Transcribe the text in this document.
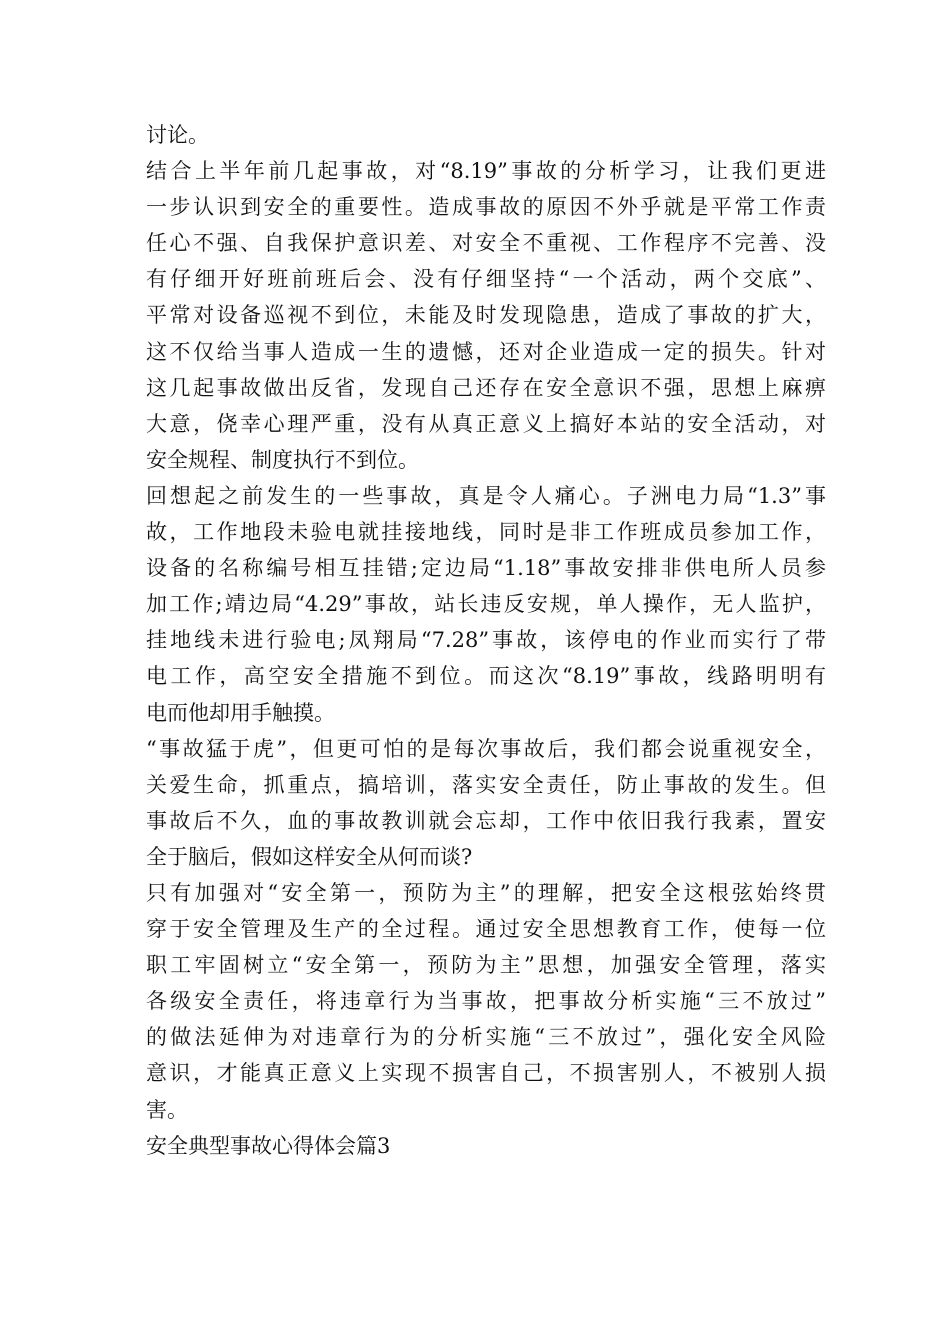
讨论。
结合上半年前几起事故，对“8.19”事故的分析学习，让我们更进
一步认识到安全的重要性。造成事故的原因不外乎就是平常工作责
任心不强、自我保护意识差、对安全不重视、工作程序不完善、没
有仔细开好班前班后会、没有仔细坚持“一个活动，两个交底”、
平常对设备巡视不到位，未能及时发现隐患，造成了事故的扩大，
这不仅给当事人造成一生的遗憾，还对企业造成一定的损失。针对
这几起事故做出反省，发现自己还存在安全意识不强，思想上麻痹
大意，侥幸心理严重，没有从真正意义上搞好本站的安全活动，对
安全规程、制度执行不到位。
回想起之前发生的一些事故，真是令人痛心。子洲电力局“1.3”事
故，工作地段未验电就挂接地线，同时是非工作班成员参加工作，
设备的名称编号相互挂错;定边局“1.18”事故安排非供电所人员参
加工作;靖边局“4.29”事故，站长违反安规，单人操作，无人监护，
挂地线未进行验电;凤翔局“7.28”事故，该停电的作业而实行了带
电工作，高空安全措施不到位。而这次“8.19”事故，线路明明有
电而他却用手触摸。
“事故猛于虎”，但更可怕的是每次事故后，我们都会说重视安全，
关爱生命，抓重点，搞培训，落实安全责任，防止事故的发生。但
事故后不久，血的事故教训就会忘却，工作中依旧我行我素，置安
全于脑后，假如这样安全从何而谈?
只有加强对“安全第一，预防为主”的理解，把安全这根弦始终贯
穿于安全管理及生产的全过程。通过安全思想教育工作，使每一位
职工牢固树立“安全第一，预防为主”思想，加强安全管理，落实
各级安全责任，将违章行为当事故，把事故分析实施“三不放过”
的做法延伸为对违章行为的分析实施“三不放过”，强化安全风险
意识，才能真正意义上实现不损害自己，不损害别人，不被别人损
害。
安全典型事故心得体会篇3
